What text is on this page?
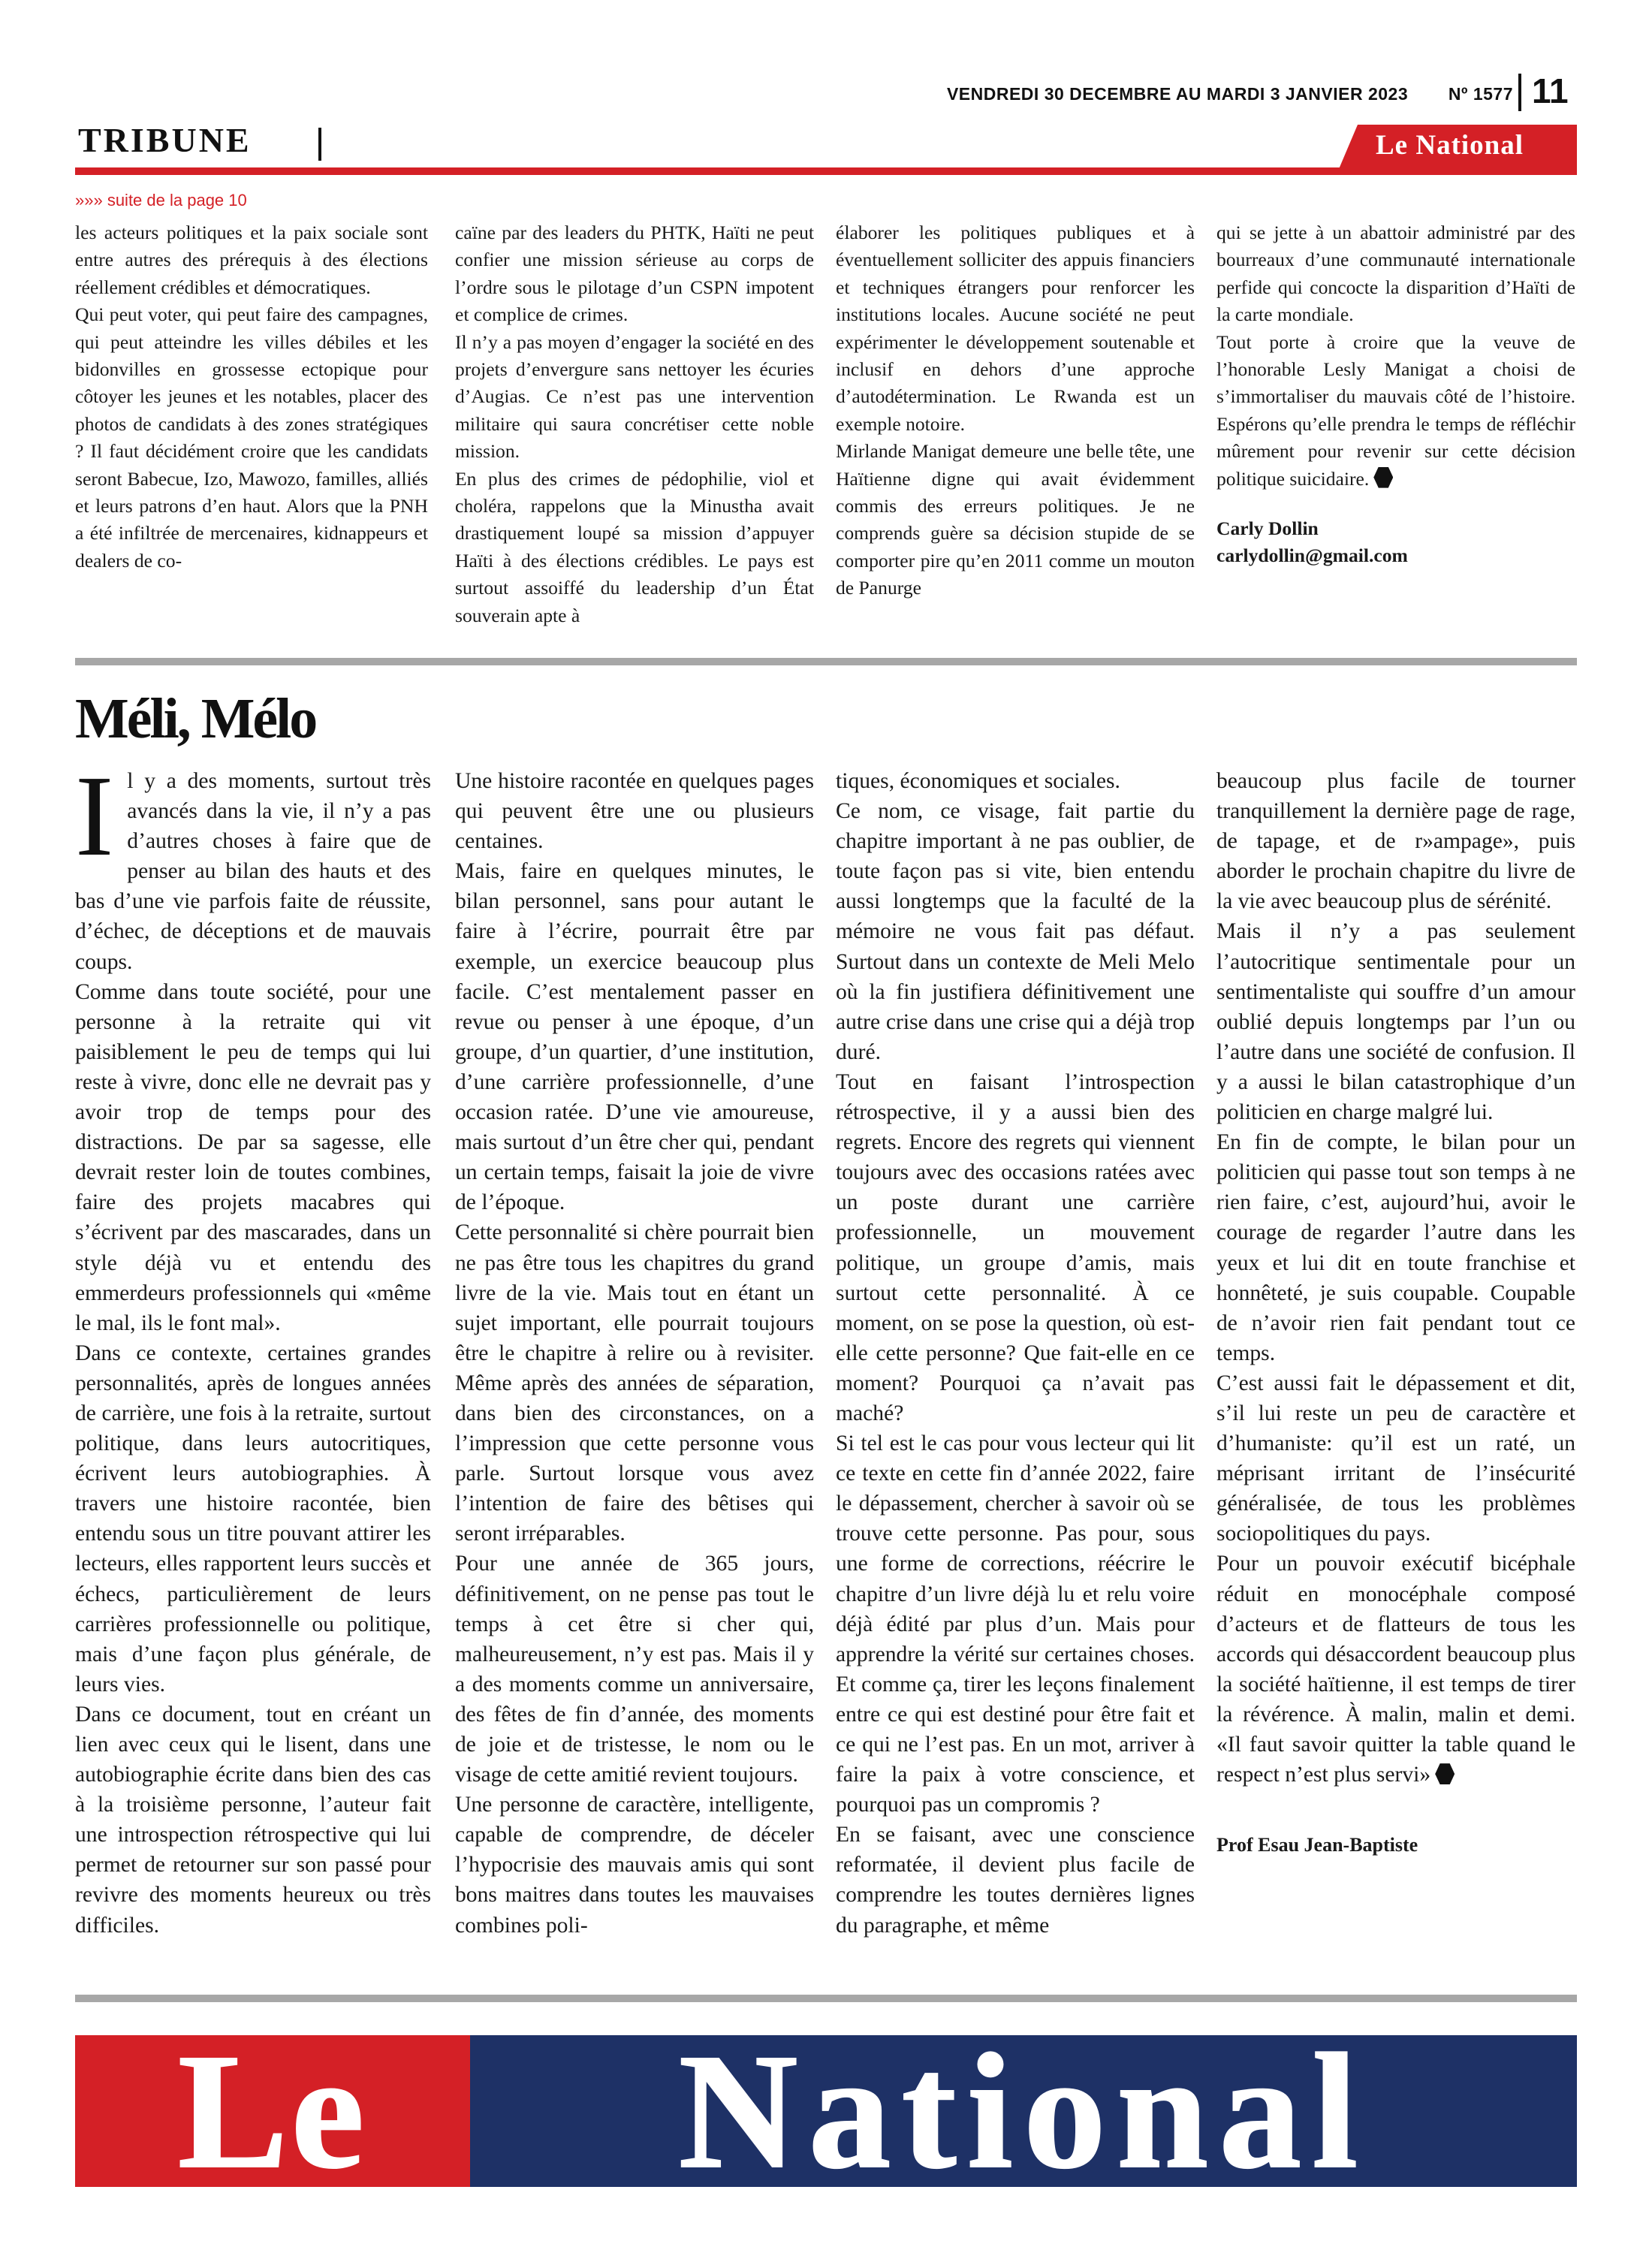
VENDREDI 30 DECEMBRE AU MARDI 3 JANVIER 2023 Nº 1577 11
TRIBUNE	Le National
»»» suite de la page 10
les acteurs politiques et la paix sociale sont entre autres des prérequis à des élections réellement crédibles et démocratiques.
Qui peut voter, qui peut faire des campagnes, qui peut atteindre les villes débiles et les bidonvilles en grossesse ectopique pour côtoyer les jeunes et les notables, placer des photos de candidats à des zones stratégiques ? Il faut décidément croire que les candidats seront Babecue, Izo, Mawozo, familles, alliés et leurs patrons d’en haut. Alors que la PNH a été infiltrée de mercenaires, kidnappeurs et dealers de co-
caïne par des leaders du PHTK, Haïti ne peut confier une mission sérieuse au corps de l’ordre sous le pilotage d’un CSPN impotent et complice de crimes.
Il n’y a pas moyen d’engager la société en des projets d’envergure sans nettoyer les écuries d’Augias. Ce n’est pas une intervention militaire qui saura concrétiser cette noble mission.
En plus des crimes de pédophilie, viol et choléra, rappelons que la Minustha avait drastiquement loupé sa mission d’appuyer Haïti à des élections crédibles. Le pays est surtout assoiffé du leadership d’un État souverain apte à
élaborer les politiques publiques et à éventuellement solliciter des appuis financiers et techniques étrangers pour renforcer les institutions locales. Aucune société ne peut expérimenter le développement soutenable et inclusif en dehors d’une approche d’autodétermination. Le Rwanda est un exemple notoire.
Mirlande Manigat demeure une belle tête, une Haïtienne digne qui avait évidemment commis des erreurs politiques. Je ne comprends guère sa décision stupide de se comporter pire qu’en 2011 comme un mouton de Panurge
qui se jette à un abattoir administré par des bourreaux d’une communauté internationale perfide qui concocte la disparition d’Haïti de la carte mondiale.
Tout porte à croire que la veuve de l’honorable Lesly Manigat a choisi de s’immortaliser du mauvais côté de l’histoire. Espérons qu’elle prendra le temps de réfléchir mûrement pour revenir sur cette décision politique suicidaire.
Carly Dollin
carlydollin@gmail.com
Méli, Mélo
Il y a des moments, surtout très avancés dans la vie, il n’y a pas d’autres choses à faire que de penser au bilan des hauts et des bas d’une vie parfois faite de réussite, d’échec, de déceptions et de mauvais coups.
Comme dans toute société, pour une personne à la retraite qui vit paisiblement le peu de temps qui lui reste à vivre, donc elle ne devrait pas y avoir trop de temps pour des distractions. De par sa sagesse, elle devrait rester loin de toutes combines, faire des projets macabres qui s’écrivent par des mascarades, dans un style déjà vu et entendu des emmerdeurs professionnels qui «même le mal, ils le font mal».
Dans ce contexte, certaines grandes personnalités, après de longues années de carrière, une fois à la retraite, surtout politique, dans leurs autocritiques, écrivent leurs autobiographies. À travers une histoire racontée, bien entendu sous un titre pouvant attirer les lecteurs, elles rapportent leurs succès et échecs, particulièrement de leurs carrières professionnelle ou politique, mais d’une façon plus générale, de leurs vies.
Dans ce document, tout en créant un lien avec ceux qui le lisent, dans une autobiographie écrite dans bien des cas à la troisième personne, l’auteur fait une introspection rétrospective qui lui permet de retourner sur son passé pour revivre des moments heureux ou très difficiles.
Une histoire racontée en quelques pages qui peuvent être une ou plusieurs centaines.
Mais, faire en quelques minutes, le bilan personnel, sans pour autant le faire à l’écrire, pourrait être par exemple, un exercice beaucoup plus facile. C’est mentalement passer en revue ou penser à une époque, d’un groupe, d’un quartier, d’une institution, d’une carrière professionnelle, d’une occasion ratée. D’une vie amoureuse, mais surtout d’un être cher qui, pendant un certain temps, faisait la joie de vivre de l’époque.
Cette personnalité si chère pourrait bien ne pas être tous les chapitres du grand livre de la vie. Mais tout en étant un sujet important, elle pourrait toujours être le chapitre à relire ou à revisiter. Même après des années de séparation, dans bien des circonstances, on a l’impression que cette personne vous parle. Surtout lorsque vous avez l’intention de faire des bêtises qui seront irréparables.
Pour une année de 365 jours, définitivement, on ne pense pas tout le temps à cet être si cher qui, malheureusement, n’y est pas. Mais il y a des moments comme un anniversaire, des fêtes de fin d’année, des moments de joie et de tristesse, le nom ou le visage de cette amitié revient toujours.
Une personne de caractère, intelligente, capable de comprendre, de déceler l’hypocrisie des mauvais amis qui sont bons maitres dans toutes les mauvaises combines poli-
tiques, économiques et sociales.
Ce nom, ce visage, fait partie du chapitre important à ne pas oublier, de toute façon pas si vite, bien entendu aussi longtemps que la faculté de la mémoire ne vous fait pas défaut. Surtout dans un contexte de Meli Melo où la fin justifiera définitivement une autre crise dans une crise qui a déjà trop duré.
Tout en faisant l’introspection rétrospective, il y a aussi bien des regrets. Encore des regrets qui viennent toujours avec des occasions ratées avec un poste durant une carrière professionnelle, un mouvement politique, un groupe d’amis, mais surtout cette personnalité. À ce moment, on se pose la question, où est-elle cette personne? Que fait-elle en ce moment? Pourquoi ça n’avait pas maché?
Si tel est le cas pour vous lecteur qui lit ce texte en cette fin d’année 2022, faire le dépassement, chercher à savoir où se trouve cette personne. Pas pour, sous une forme de corrections, réécrire le chapitre d’un livre déjà lu et relu voire déjà édité par plus d’un. Mais pour apprendre la vérité sur certaines choses. Et comme ça, tirer les leçons finalement entre ce qui est destiné pour être fait et ce qui ne l’est pas. En un mot, arriver à faire la paix à votre conscience, et pourquoi pas un compromis ?
En se faisant, avec une conscience reformatée, il devient plus facile de comprendre les toutes dernières lignes du paragraphe, et même
beaucoup plus facile de tourner tranquillement la dernière page de rage, de tapage, et de r»ampage», puis aborder le prochain chapitre du livre de la vie avec beaucoup plus de sérénité.
Mais il n’y a pas seulement l’autocritique sentimentale pour un sentimentaliste qui souffre d’un amour oublié depuis longtemps par l’un ou l’autre dans une société de confusion. Il y a aussi le bilan catastrophique d’un politicien en charge malgré lui.
En fin de compte, le bilan pour un politicien qui passe tout son temps à ne rien faire, c’est, aujourd’hui, avoir le courage de regarder l’autre dans les yeux et lui dit en toute franchise et honnêteté, je suis coupable. Coupable de n’avoir rien fait pendant tout ce temps.
C’est aussi fait le dépassement et dit, s’il lui reste un peu de caractère et d’humaniste: qu’il est un raté, un méprisant irritant de l’insécurité généralisée, de tous les problèmes sociopolitiques du pays.
Pour un pouvoir exécutif bicéphale réduit en monocéphale composé d’acteurs et de flatteurs de tous les accords qui désaccordent beaucoup plus la société haïtienne, il est temps de tirer la révérence. À malin, malin et demi. «Il faut savoir quitter la table quand le respect n’est plus servi»
Prof Esau Jean-Baptiste
Le	National
